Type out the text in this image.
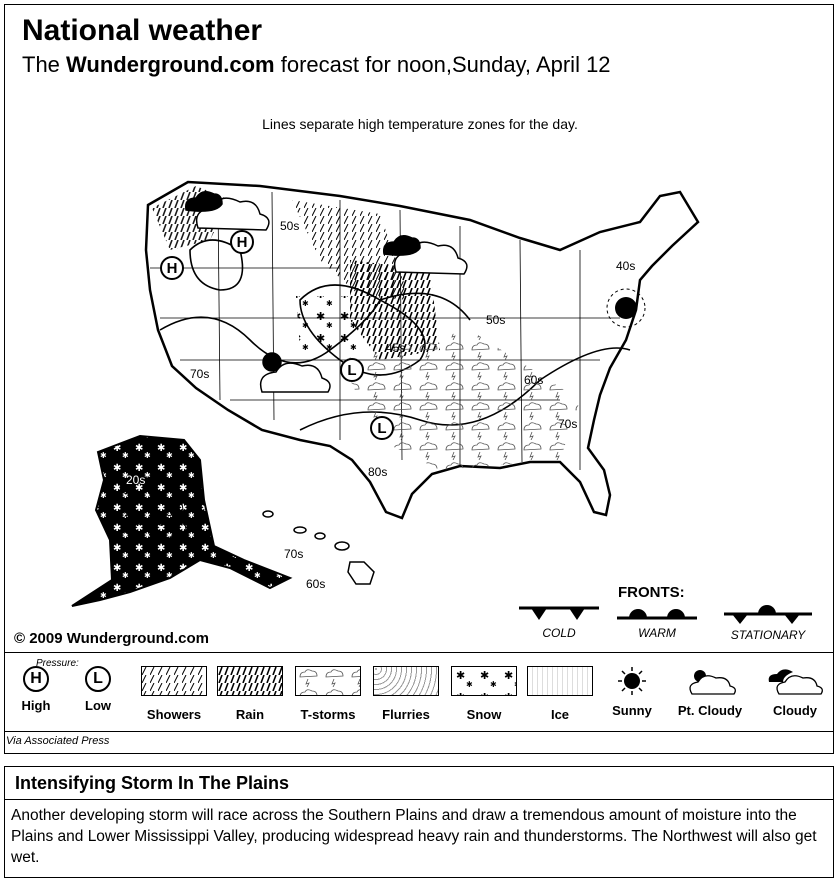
National weather
The Wunderground.com forecast for noon,Sunday, April 12
Lines separate high temperature zones for the day.
H
H
L
L
50s
40s
50s
60s
70s
70s
45s
80s
20s
30s
70s
60s
© 2009 Wunderground.com
FRONTS:
COLD	WARM	STATIONARY
Pressure:
H
High
L
Low
Showers	Rain	T-storms	Flurries	Snow	Ice	Sunny	Pt. Cloudy	Cloudy
Via Associated Press
Intensifying Storm In The Plains
Another developing storm will race across the Southern Plains and draw a tremendous amount of moisture into the Plains and Lower Mississippi Valley, producing widespread heavy rain and thunderstorms. The Northwest will also get wet.
